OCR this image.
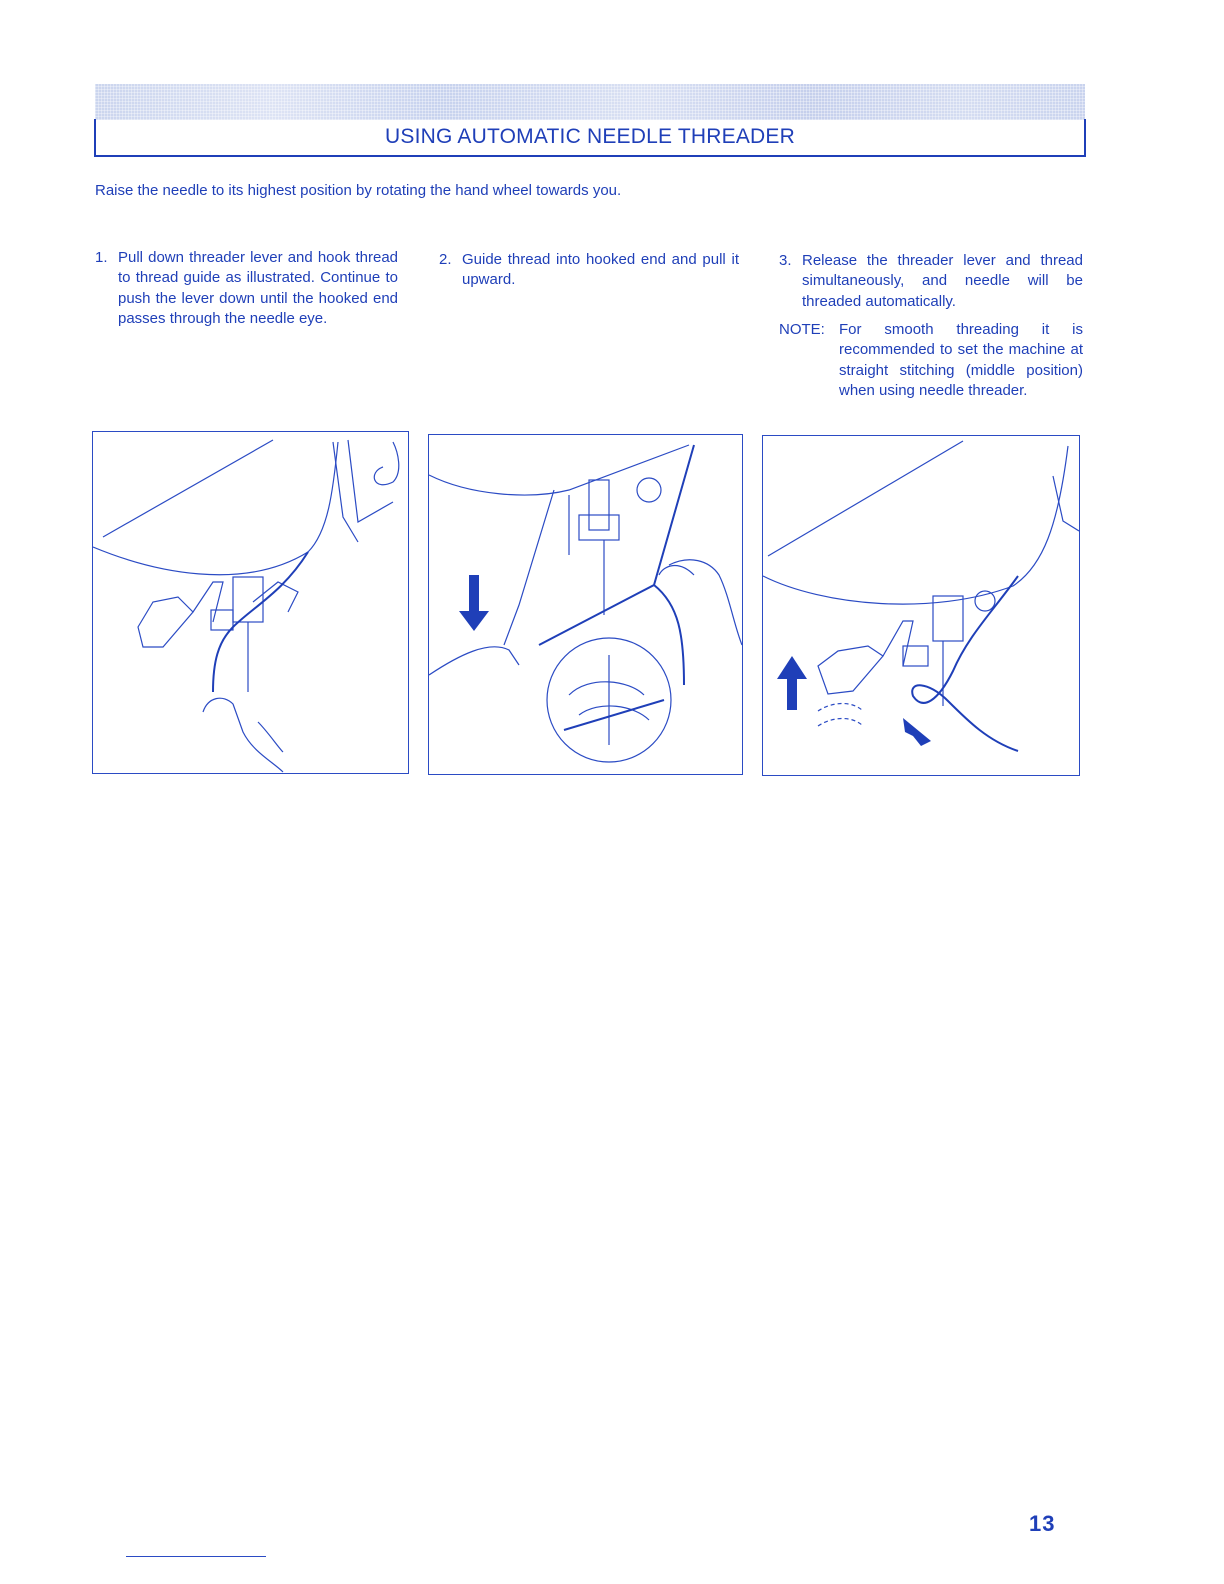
USING AUTOMATIC NEEDLE THREADER

Raise the needle to its highest position by rotating the hand wheel towards you.

1. Pull down threader lever and hook thread to thread guide as illustrated. Continue to push the lever down until the hooked end passes through the needle eye.
2. Guide thread into hooked end and pull it upward.
3. Release the threader lever and thread simultaneously, and needle will be threaded automatically.
NOTE: For smooth threading it is recommended to set the machine at straight stitching (middle position) when using needle threader.

13
